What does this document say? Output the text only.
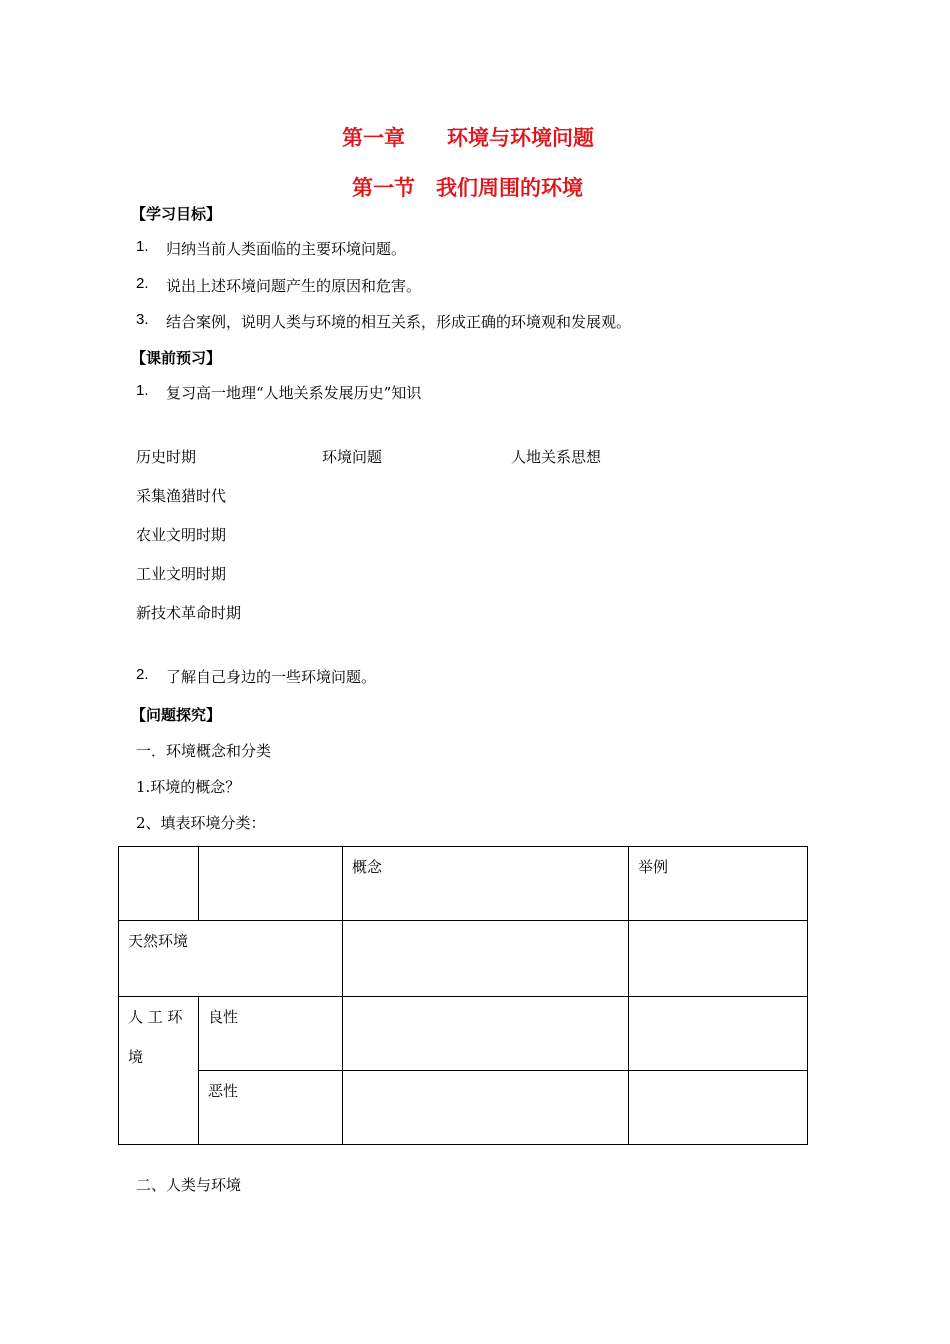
第一章　　环境与环境问题
第一节　我们周围的环境
【学习目标】
1. 归纳当前人类面临的主要环境问题。
2. 说出上述环境问题产生的原因和危害。
3. 结合案例，说明人类与环境的相互关系，形成正确的环境观和发展观。
【课前预习】
1. 复习高一地理“人地关系发展历史”知识
历史时期	环境问题	人地关系思想
采集渔猎时代
农业文明时期
工业文明时期
新技术革命时期
2. 了解自己身边的一些环境问题。
【问题探究】
一．环境概念和分类
1.环境的概念？
2、填表环境分类：
		概念	举例
天然环境			
人 工 环 境	良性		
	恶性		
二、人类与环境
